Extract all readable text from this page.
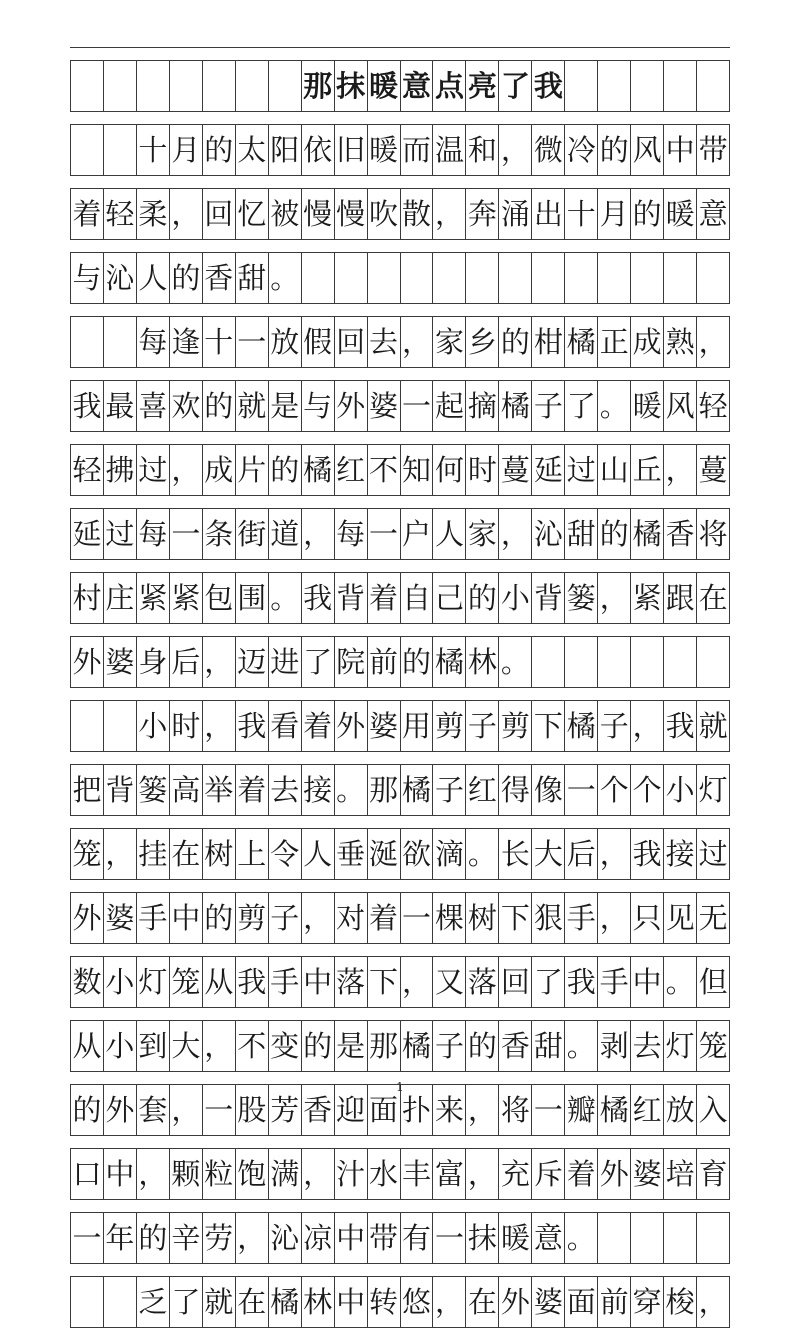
那 抹 暖 意 点 亮 了 我
十 月 的 太 阳 依 旧 暖 而 温 和 ， 微 冷 的 风 中 带
着 轻 柔 ， 回 忆 被 慢 慢 吹 散 ， 奔 涌 出 十 月 的 暖 意
与 沁 人 的 香 甜 。
每 逢 十 一 放 假 回 去 ， 家 乡 的 柑 橘 正 成 熟 ，
我 最 喜 欢 的 就 是 与 外 婆 一 起 摘 橘 子 了 。 暖 风 轻
轻 拂 过 ， 成 片 的 橘 红 不 知 何 时 蔓 延 过 山 丘 ， 蔓
延 过 每 一 条 街 道 ， 每 一 户 人 家 ， 沁 甜 的 橘 香 将
村 庄 紧 紧 包 围 。 我 背 着 自 己 的 小 背 篓 ， 紧 跟 在
外 婆 身 后 ， 迈 进 了 院 前 的 橘 林 。
小 时 ， 我 看 着 外 婆 用 剪 子 剪 下 橘 子 ， 我 就
把 背 篓 高 举 着 去 接 。 那 橘 子 红 得 像 一 个 个 小 灯
笼 ， 挂 在 树 上 令 人 垂 涎 欲 滴 。 长 大 后 ， 我 接 过
外 婆 手 中 的 剪 子 ， 对 着 一 棵 树 下 狠 手 ， 只 见 无
数 小 灯 笼 从 我 手 中 落 下 ， 又 落 回 了 我 手 中 。 但
从 小 到 大 ， 不 变 的 是 那 橘 子 的 香 甜 。 剥 去 灯 笼
的 外 套 ， 一 股 芳 香 迎 面 扑 来 ， 将 一 瓣 橘 红 放 入
口 中 ， 颗 粒 饱 满 ， 汁 水 丰 富 ， 充 斥 着 外 婆 培 育
一 年 的 辛 劳 ， 沁 凉 中 带 有 一 抹 暖 意 。
乏 了 就 在 橘 林 中 转 悠 ， 在 外 婆 面 前 穿 梭 ，
1
